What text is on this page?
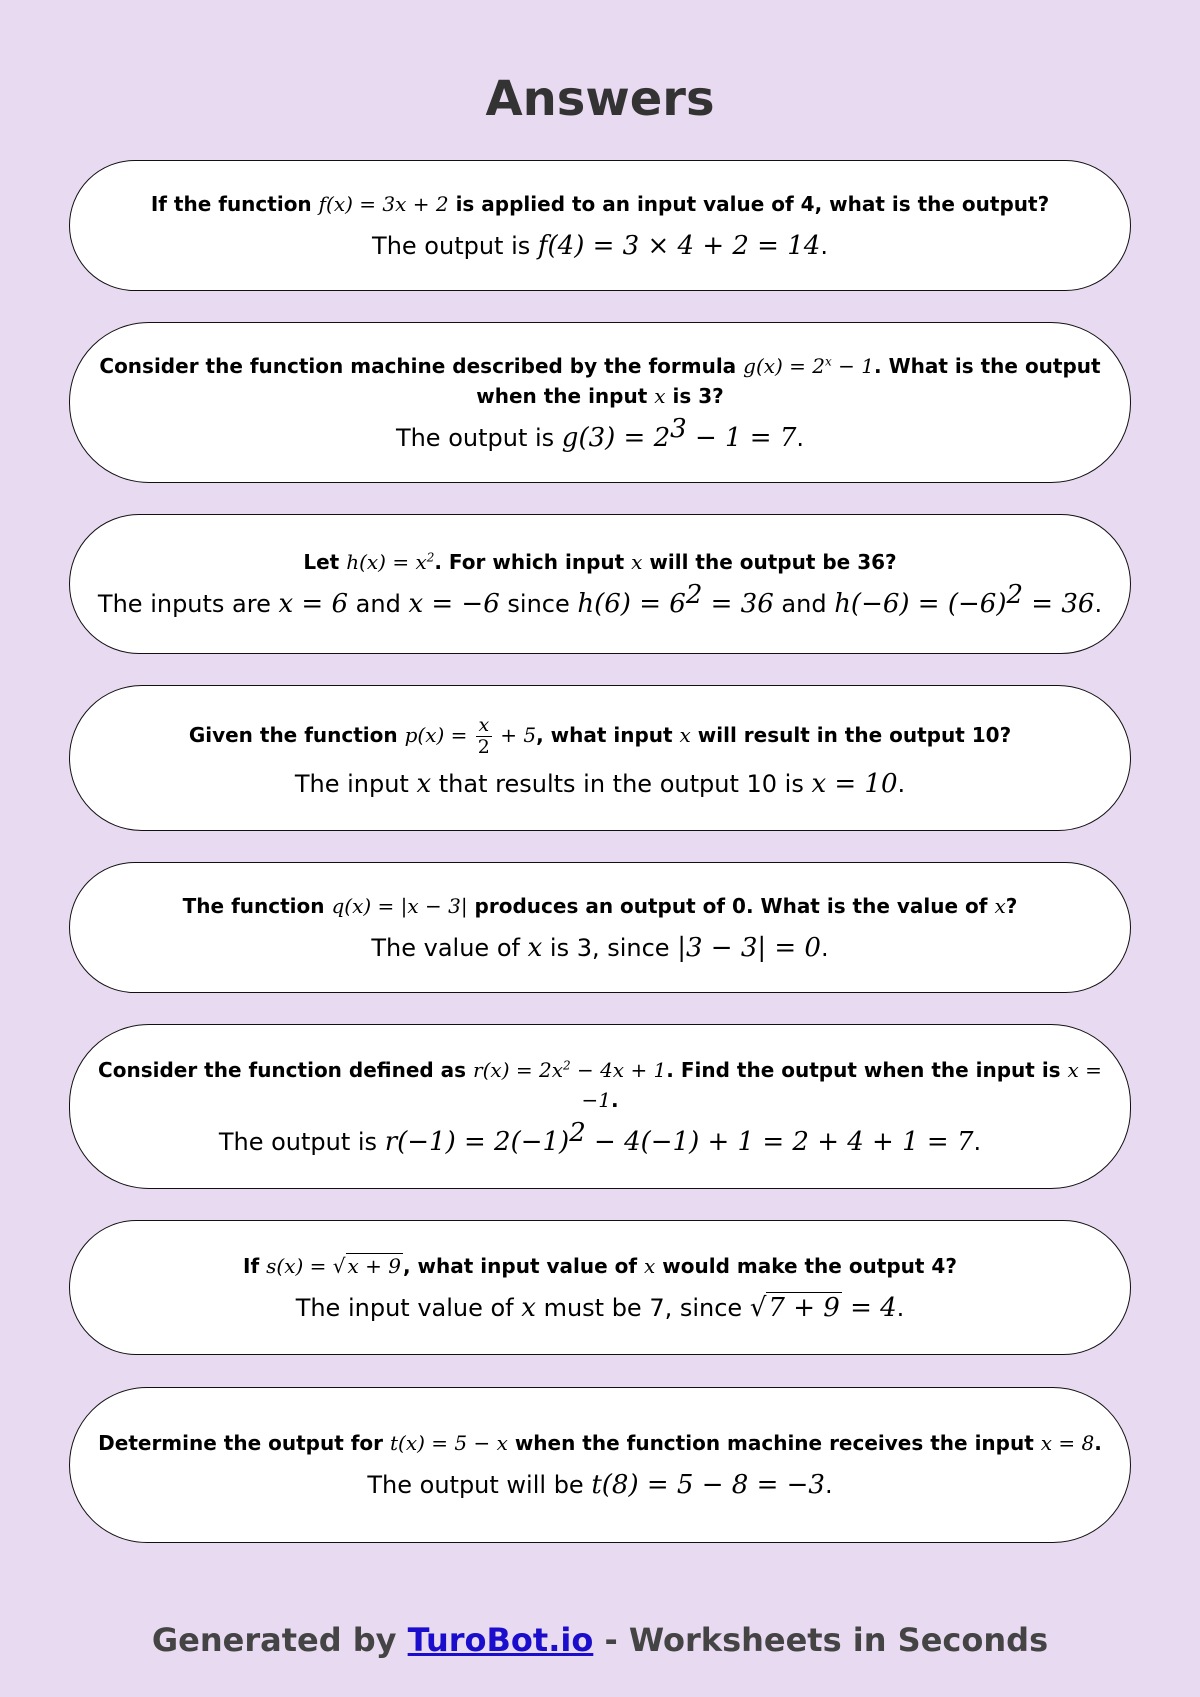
Answers
If the function f(x) = 3x + 2 is applied to an input value of 4, what is the output?
The output is f(4) = 3 × 4 + 2 = 14.
Consider the function machine described by the formula $g(x) = 2^x - 1$. What is the output when the input x is 3?
The output is $g(3) = 2^3 - 1 = 7$.
Let $h(x) = x^2$. For which input x will the output be 36?
The inputs are x = 6 and x = −6 since $h(6) = 6^2 = 36$ and $h(-6) = (-6)^2 = 36$.
Given the function $p(x) = \frac{x}{2} + 5$, what input x will result in the output 10?
The input x that results in the output 10 is x = 10.
The function q(x) = |x − 3| produces an output of 0. What is the value of x?
The value of x is 3, since |3 − 3| = 0.
Consider the function defined as $r(x) = 2x^2 - 4x + 1$. Find the output when the input is x = −1.
The output is $r(-1) = 2(-1)^2 - 4(-1) + 1 = 2 + 4 + 1 = 7$.
If s(x) = √ x + 9 , what input value of x would make the output 4?
The input value of x must be 7, since √7 + 9 = 4.
Determine the output for t(x) = 5 − x when the function machine receives the input x = 8.
The output will be t(8) = 5 − 8 = −3.
Generated by TuroBot.io - Worksheets in Seconds
